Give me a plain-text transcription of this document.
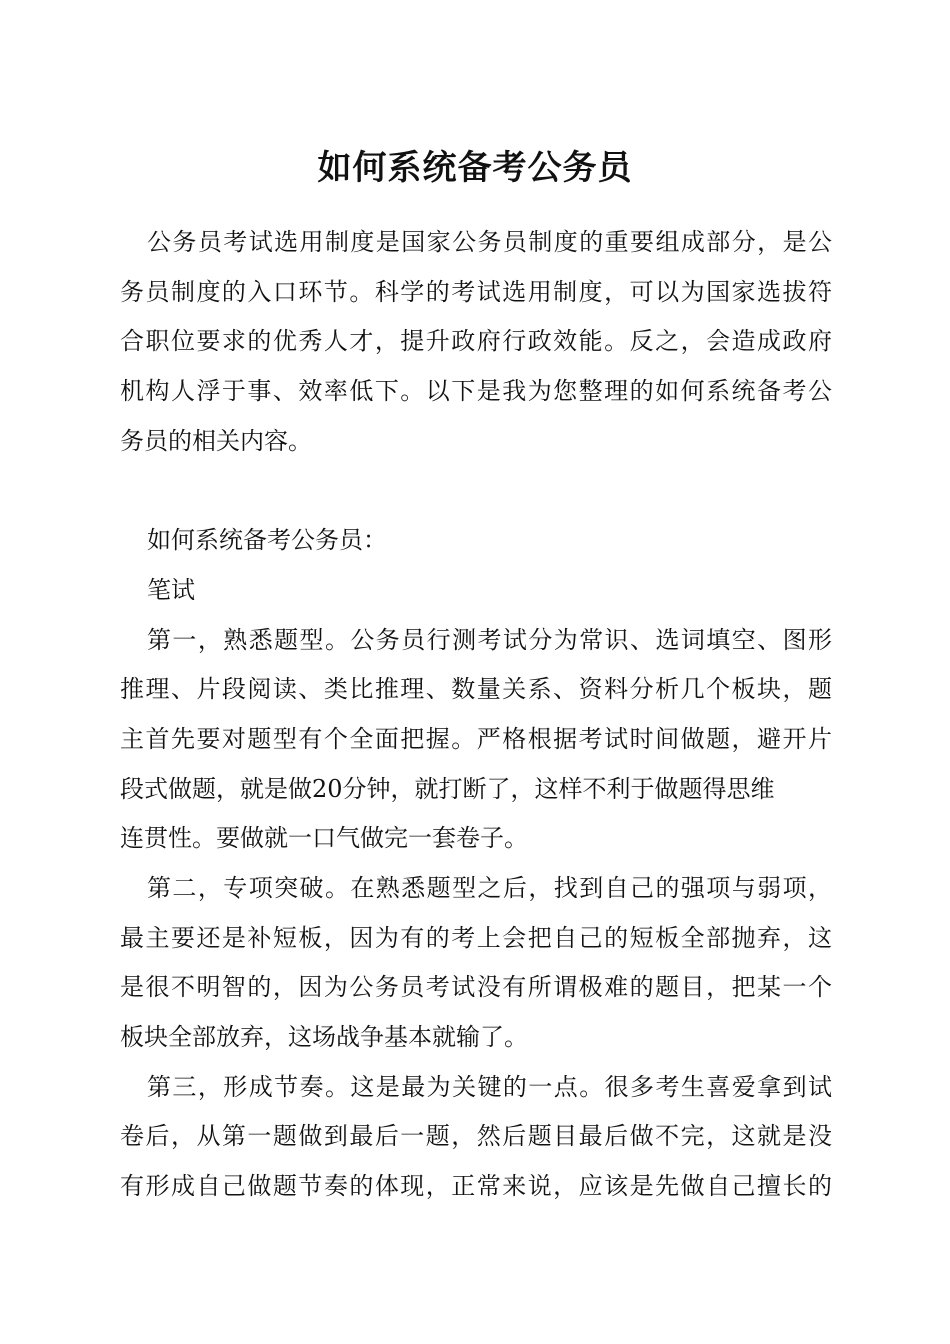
如何系统备考公务员
公务员考试选用制度是国家公务员制度的重要组成部分，是公
务员制度的入口环节。科学的考试选用制度，可以为国家选拔符
合职位要求的优秀人才，提升政府行政效能。反之，会造成政府
机构人浮于事、效率低下。以下是我为您整理的如何系统备考公
务员的相关内容。
如何系统备考公务员：
笔试
第一，熟悉题型。公务员行测考试分为常识、选词填空、图形
推理、片段阅读、类比推理、数量关系、资料分析几个板块，题
主首先要对题型有个全面把握。严格根据考试时间做题，避开片
段式做题，就是做20分钟，就打断了，这样不利于做题得思维
连贯性。要做就一口气做完一套卷子。
第二，专项突破。在熟悉题型之后，找到自己的强项与弱项，
最主要还是补短板，因为有的考上会把自己的短板全部抛弃，这
是很不明智的，因为公务员考试没有所谓极难的题目，把某一个
板块全部放弃，这场战争基本就输了。
第三，形成节奏。这是最为关键的一点。很多考生喜爱拿到试
卷后，从第一题做到最后一题，然后题目最后做不完，这就是没
有形成自己做题节奏的体现，正常来说，应该是先做自己擅长的
